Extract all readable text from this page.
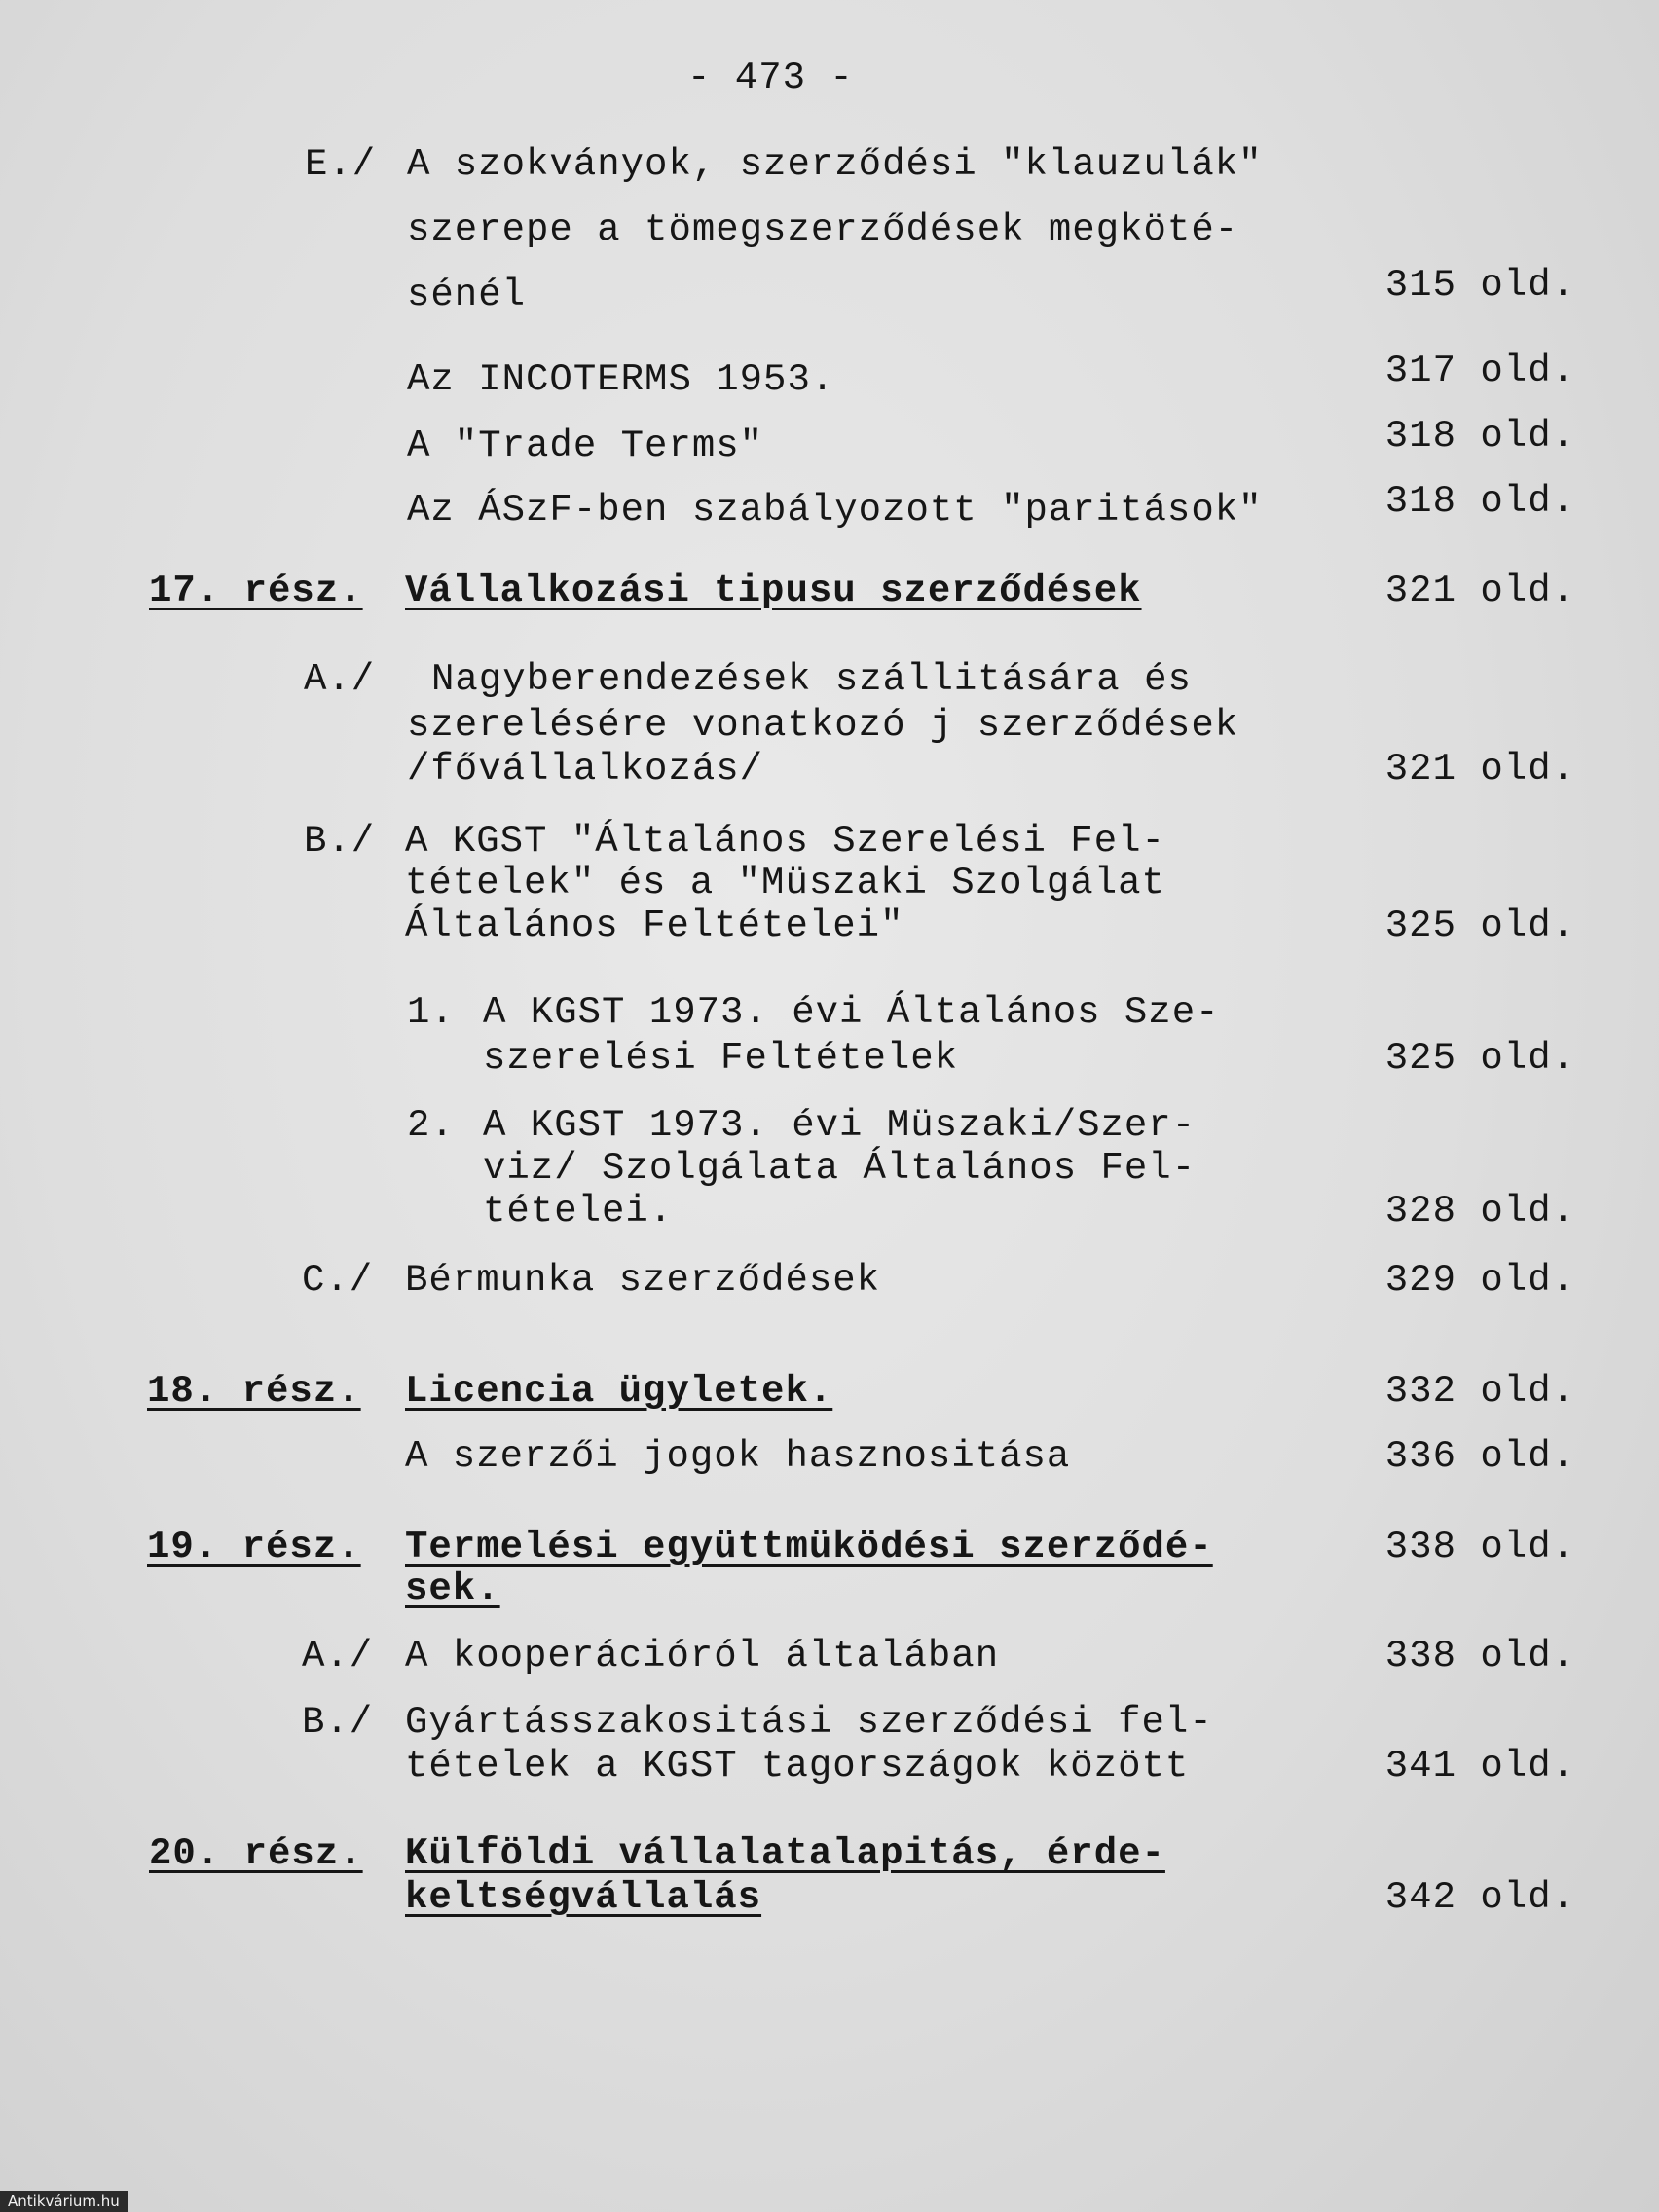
- 473 -
E./ A szokványok, szerződési "klauzulák"
szerepe a tömegszerződések megköté-
sénél	315 old.
Az INCOTERMS 1953.	317 old.
A "Trade Terms"	318 old.
Az ÁSzF-ben szabályozott "paritások"	318 old.
17. rész. Vállalkozási tipusu szerződések	321 old.
A./ Nagyberendezések szállitására és
szerelésére vonatkozó j szerződések
/fővállalkozás/	321 old.
B./ A KGST "Általános Szerelési Fel-
tételek" és a "Müszaki Szolgálat
Általános Feltételei"	325 old.
1. A KGST 1973. évi Általános Sze-
szerelési Feltételek	325 old.
2. A KGST 1973. évi Müszaki/Szer-
viz/ Szolgálata Általános Fel-
tételei.	328 old.
C./ Bérmunka szerződések	329 old.
18. rész. Licencia ügyletek.	332 old.
A szerzői jogok hasznositása	336 old.
19. rész. Termelési együttmüködési szerződé-	338 old.
sek.
A./ A kooperációról általában	338 old.
B./ Gyártásszakositási szerződési fel-
tételek a KGST tagországok között	341 old.
20. rész. Külföldi vállalatalapitás, érde-
keltségvállalás	342 old.
Antikvárium.hu
